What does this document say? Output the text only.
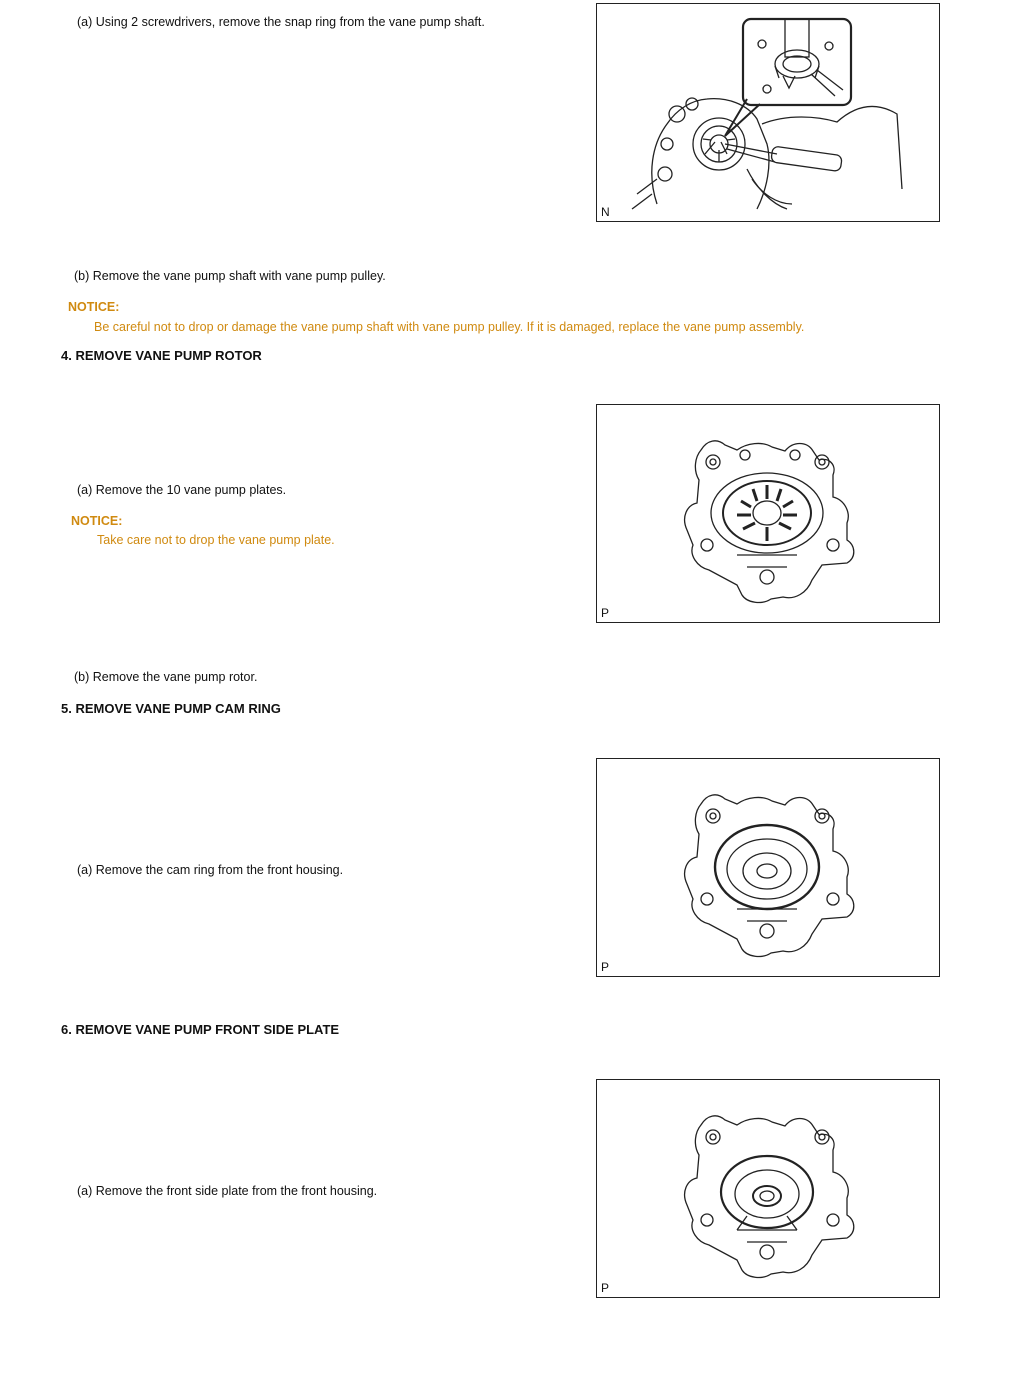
(a) Using 2 screwdrivers, remove the snap ring from the vane pump shaft.
N
(b) Remove the vane pump shaft with vane pump pulley.
NOTICE:
Be careful not to drop or damage the vane pump shaft with vane pump pulley. If it is damaged, replace the vane pump assembly.
4. REMOVE VANE PUMP ROTOR
P
(a) Remove the 10 vane pump plates.
NOTICE:
Take care not to drop the vane pump plate.
(b) Remove the vane pump rotor.
5. REMOVE VANE PUMP CAM RING
P
(a) Remove the cam ring from the front housing.
6. REMOVE VANE PUMP FRONT SIDE PLATE
P
(a) Remove the front side plate from the front housing.
